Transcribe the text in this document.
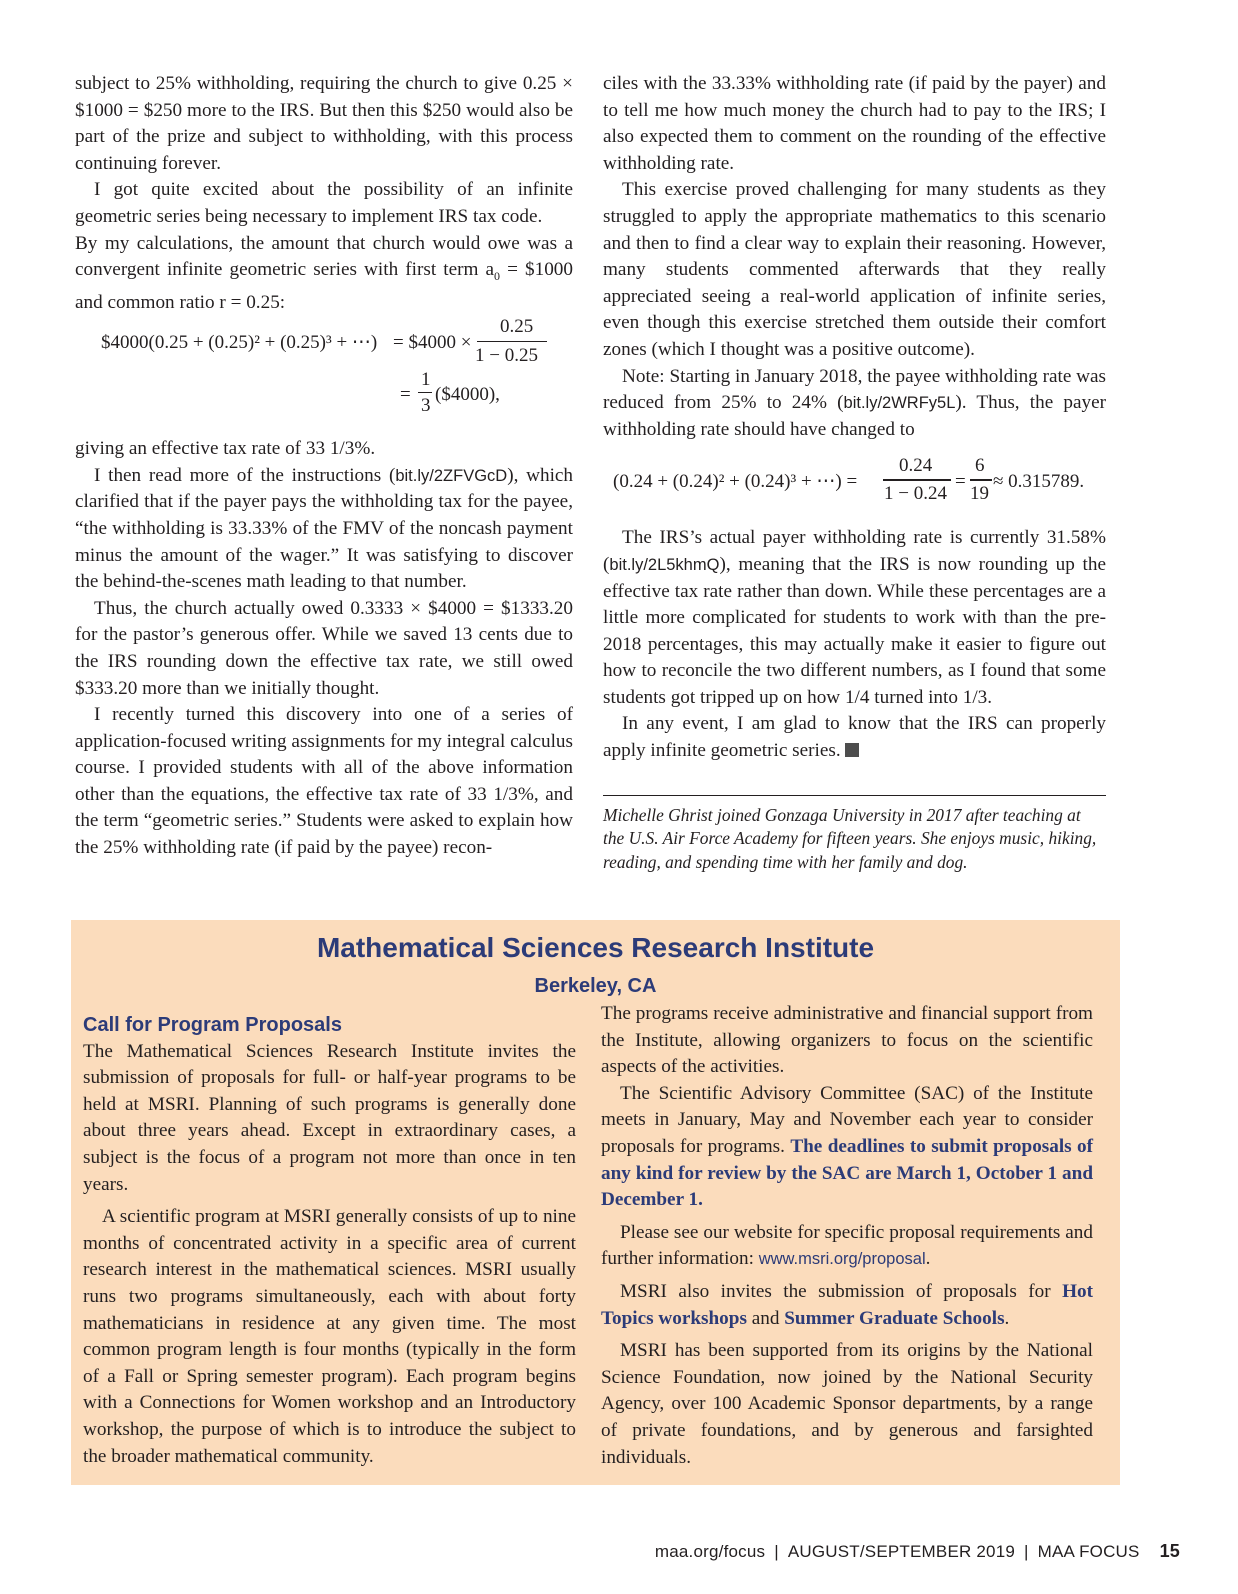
subject to 25% withholding, requiring the church to give 0.25 × $1000 = $250 more to the IRS. But then this $250 would also be part of the prize and subject to withholding, with this process continuing forever.

I got quite excited about the possibility of an infinite geometric series being necessary to implement IRS tax code.

By my calculations, the amount that church would owe was a convergent infinite geometric series with first term $a_0$ = $1000 and common ratio r = 0.25:

$4000(0.25 + (0.25)² + (0.25)³ + ⋯) = $4000 ×
0.25
1 − 0.25
=
1
3
($4000),

giving an effective tax rate of 33 1/3%.

I then read more of the instructions (bit.ly/2ZFVGcD), which clarified that if the payer pays the withholding tax for the payee, “the withholding is 33.33% of the FMV of the noncash payment minus the amount of the wager.” It was satisfying to discover the behind-the-scenes math leading to that number.

Thus, the church actually owed 0.3333 × $4000 = $1333.20 for the pastor’s generous offer. While we saved 13 cents due to the IRS rounding down the effective tax rate, we still owed $333.20 more than we initially thought.

I recently turned this discovery into one of a series of application-focused writing assignments for my integral calculus course. I provided students with all of the above information other than the equations, the effective tax rate of 33 1/3%, and the term “geometric series.” Students were asked to explain how the 25% withholding rate (if paid by the payee) recon-

ciles with the 33.33% withholding rate (if paid by the payer) and to tell me how much money the church had to pay to the IRS; I also expected them to comment on the rounding of the effective withholding rate.

This exercise proved challenging for many students as they struggled to apply the appropriate mathematics to this scenario and then to find a clear way to explain their reasoning. However, many students commented afterwards that they really appreciated seeing a real-world application of infinite series, even though this exercise stretched them outside their comfort zones (which I thought was a positive outcome).

Note: Starting in January 2018, the payee withholding rate was reduced from 25% to 24% (bit.ly/2WRFy5L). Thus, the payer withholding rate should have changed to

(0.24 + (0.24)² + (0.24)³ + ⋯) =
0.24
1 − 0.24
=
6
19
≈ 0.315789.

The IRS’s actual payer withholding rate is currently 31.58% (bit.ly/2L5khmQ), meaning that the IRS is now rounding up the effective tax rate rather than down. While these percentages are a little more complicated for students to work with than the pre-2018 percentages, this may actually make it easier to figure out how to reconcile the two different numbers, as I found that some students got tripped up on how 1/4 turned into 1/3.

In any event, I am glad to know that the IRS can properly apply infinite geometric series.

Michelle Ghrist joined Gonzaga University in 2017 after teaching at the U.S. Air Force Academy for fifteen years. She enjoys music, hiking, reading, and spending time with her family and dog.

Mathematical Sciences Research Institute
Berkeley, CA

Call for Program Proposals

The Mathematical Sciences Research Institute invites the submission of proposals for full- or half-year programs to be held at MSRI. Planning of such programs is generally done about three years ahead. Except in extraordinary cases, a subject is the focus of a program not more than once in ten years.

A scientific program at MSRI generally consists of up to nine months of concentrated activity in a specific area of current research interest in the mathematical sciences. MSRI usually runs two programs simultaneously, each with about forty mathematicians in residence at any given time. The most common program length is four months (typically in the form of a Fall or Spring semester program). Each program begins with a Connections for Women workshop and an Introductory workshop, the purpose of which is to introduce the subject to the broader mathematical community.

The programs receive administrative and financial support from the Institute, allowing organizers to focus on the scientific aspects of the activities.

The Scientific Advisory Committee (SAC) of the Institute meets in January, May and November each year to consider proposals for programs. The deadlines to submit proposals of any kind for review by the SAC are March 1, October 1 and December 1.

Please see our website for specific proposal requirements and further information: www.msri.org/proposal.

MSRI also invites the submission of proposals for Hot Topics workshops and Summer Graduate Schools.

MSRI has been supported from its origins by the National Science Foundation, now joined by the National Security Agency, over 100 Academic Sponsor departments, by a range of private foundations, and by generous and farsighted individuals.

maa.org/focus | AUGUST/SEPTEMBER 2019 | MAA FOCUS 15
